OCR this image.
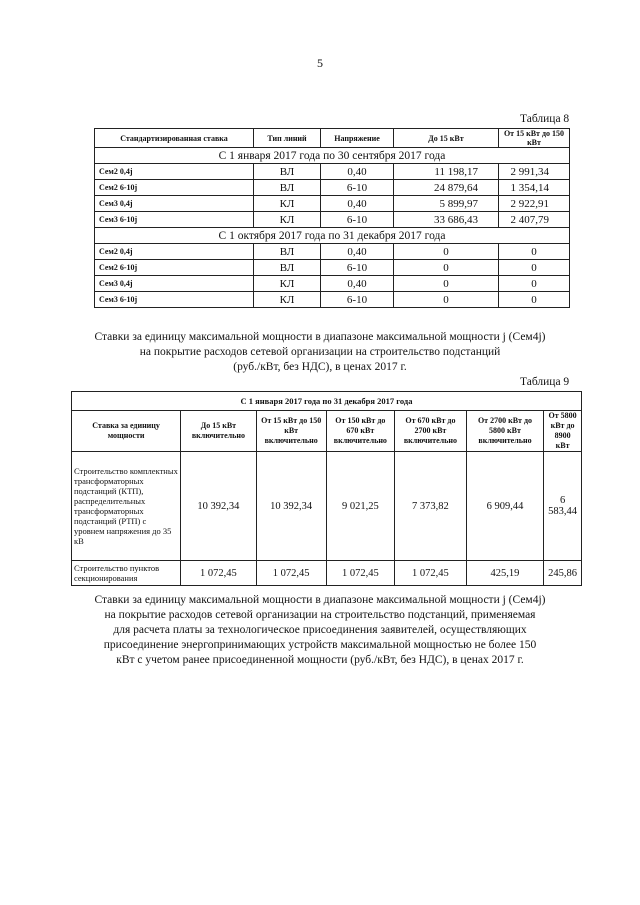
5
Таблица 8
Стандартизированная ставка	Тип линий	Напряжение	До 15 кВт	От 15 кВт до 150 кВт
С 1 января 2017 года по 30 сентября 2017 года				
Сем2 0,4j	ВЛ	0,40	11 198,17	2 991,34
Сем2 6-10j	ВЛ	6-10	24 879,64	1 354,14
Сем3 0,4j	КЛ	0,40	5 899,97	2 922,91
Сем3 6-10j	КЛ	6-10	33 686,43	2 407,79
С 1 октября 2017 года по 31 декабря 2017 года				
Сем2 0,4j	ВЛ	0,40	0	0
Сем2 6-10j	ВЛ	6-10	0	0
Сем3 0,4j	КЛ	0,40	0	0
Сем3 6-10j	КЛ	6-10	0	0
Ставки за единицу максимальной мощности в диапазоне максимальной мощности j (Сем4j)
на покрытие расходов сетевой организации на строительство подстанций
(руб./кВт, без НДС), в ценах 2017 г.
Таблица 9
С 1 января 2017 года по 31 декабря 2017 года						
Ставка за единицу мощности	До 15 кВт включительно	От 15 кВт до 150 кВт включительно	От 150 кВт до 670 кВт включительно	От 670 кВт до 2700 кВт включительно	От 2700 кВт до 5800 кВт включительно	От 5800 кВт до 8900 кВт
Строительство комплектных трансформаторных подстанций (КТП), распределительных трансформаторных подстанций (РТП) с уровнем напряжения до 35 кВ	10 392,34	10 392,34	9 021,25	7 373,82	6 909,44	6 583,44
Строительство пунктов секционирования	1 072,45	1 072,45	1 072,45	1 072,45	425,19	245,86
Ставки за единицу максимальной мощности в диапазоне максимальной мощности j (Сем4j)
на покрытие расходов сетевой организации на строительство подстанций, применяемая
для расчета платы за технологическое присоединения заявителей, осуществляющих
присоединение энергопринимающих устройств максимальной мощностью не более 150
кВт с учетом ранее присоединенной мощности (руб./кВт, без НДС), в ценах 2017 г.
